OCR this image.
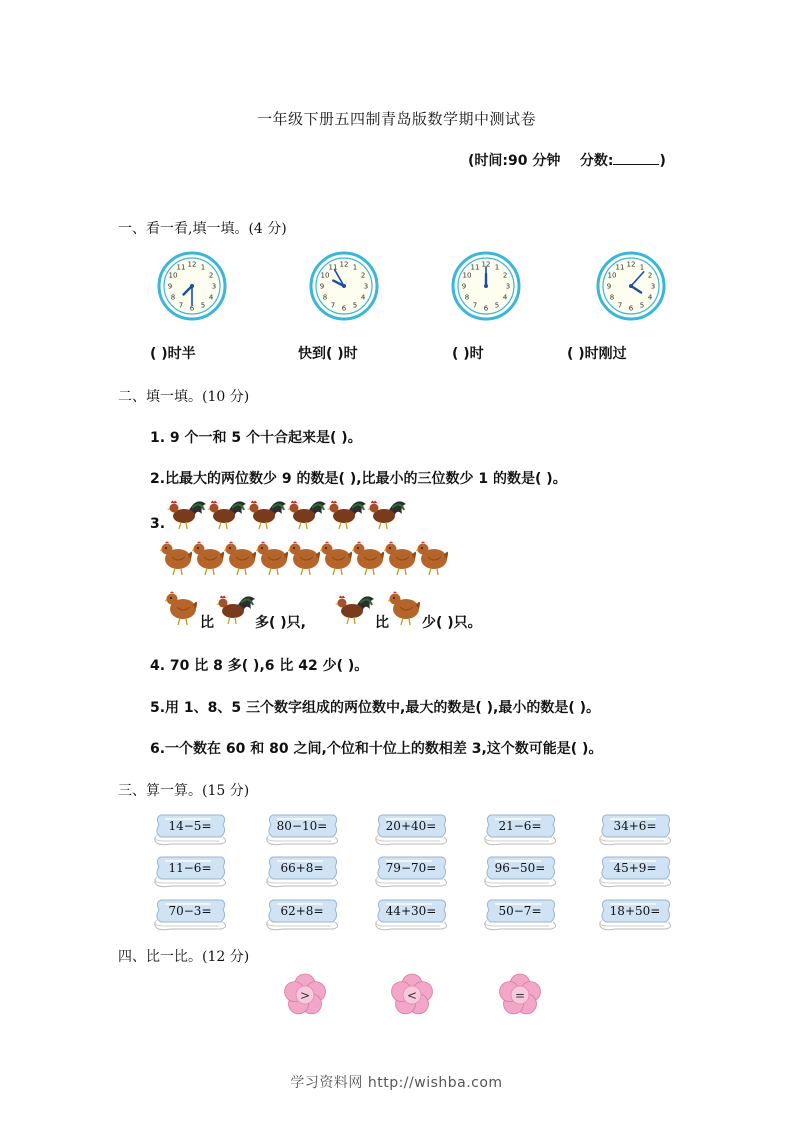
一年级下册五四制青岛版数学期中测试卷
(时间:90 分钟 分数:	)
一、看一看,填一填。(4 分)
1
2
3
4
5
6
7
8
9
10
11 12	1
2
3
4
5
6
7
8
9
10
11 12	1
2
3
4
5
6
7
8
9
10
11 12	1
2
3
4
5
6
7
8
9
10
11 12
( )时半	快到( )时	( )时	( )时刚过
二、填一填。(10 分)
1. 9 个一和 5 个十合起来是( )。
2.比最大的两位数少 9 的数是( ),比最小的三位数少 1 的数是( )。
3.
比	多( )只,	比 少( )只。
4. 70 比 8 多( ),6 比 42 少( )。
5.用 1、8、5 三个数字组成的两位数中,最大的数是( ),最小的数是( )。
6.一个数在 60 和 80 之间,个位和十位上的数相差 3,这个数可能是( )。
三、算一算。(15 分)
14−5=	80−10=	20+40=	21−6=	34+6=
11−6=	66+8=	79−70=	96−50=	45+9=
70−3=	62+8=	44+30=	50−7=	18+50=
四、比一比。(12 分)
>	<	=
学习资料网 http://wishba.com
